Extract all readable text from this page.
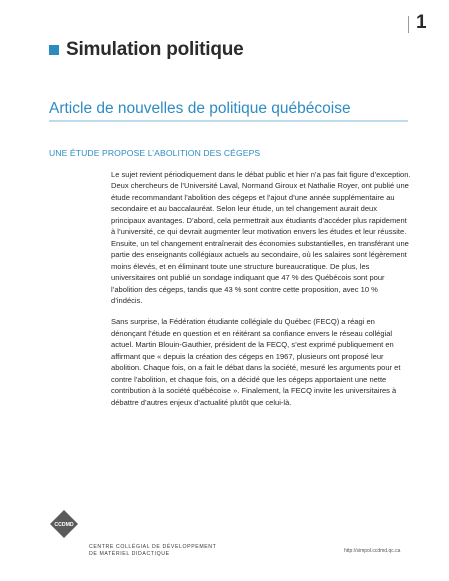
1
Simulation politique
Article de nouvelles de politique québécoise
UNE ÉTUDE PROPOSE L’ABOLITION DES CÉGEPS

Le sujet revient périodiquement dans le débat public et hier n’a pas fait figure d’exception. Deux chercheurs de l’Université Laval, Normand Giroux et Nathalie Royer, ont publié une étude recommandant l’abolition des cégeps et l’ajout d’une année supplémentaire au secondaire et au baccalauréat. Selon leur étude, un tel changement aurait deux principaux avantages. D’abord, cela permettrait aux étudiants d’accéder plus rapidement à l’université, ce qui devrait augmenter leur motivation envers les études et leur réussite. Ensuite, un tel changement entraînerait des économies substantielles, en transférant une partie des enseignants collégiaux actuels au secondaire, où les salaires sont légèrement moins élevés, et en éliminant toute une structure bureaucratique. De plus, les universitaires ont publié un sondage indiquant que 47 % des Québécois sont pour l’abolition des cégeps, tandis que 43 % sont contre cette proposition, avec 10 % d’indécis.

Sans surprise, la Fédération étudiante collégiale du Québec (FECQ) a réagi en dénonçant l’étude en question et en réitérant sa confiance envers le réseau collégial actuel. Martin Blouin-Gauthier, président de la FECQ, s’est exprimé publiquement en affirmant que « depuis la création des cégeps en 1967, plusieurs ont proposé leur abolition. Chaque fois, on a fait le débat dans la société, mesuré les arguments pour et contre l’abolition, et chaque fois, on a décidé que les cégeps apportaient une nette contribution à la société québécoise ». Finalement, la FECQ invite les universitaires à débattre d’autres enjeux d’actualité plutôt que celui-là.

CCDMD
CENTRE COLLÉGIAL DE DÉVELOPPEMENT
DE MATÉRIEL DIDACTIQUE	http://simpol.ccdmd.qc.ca
